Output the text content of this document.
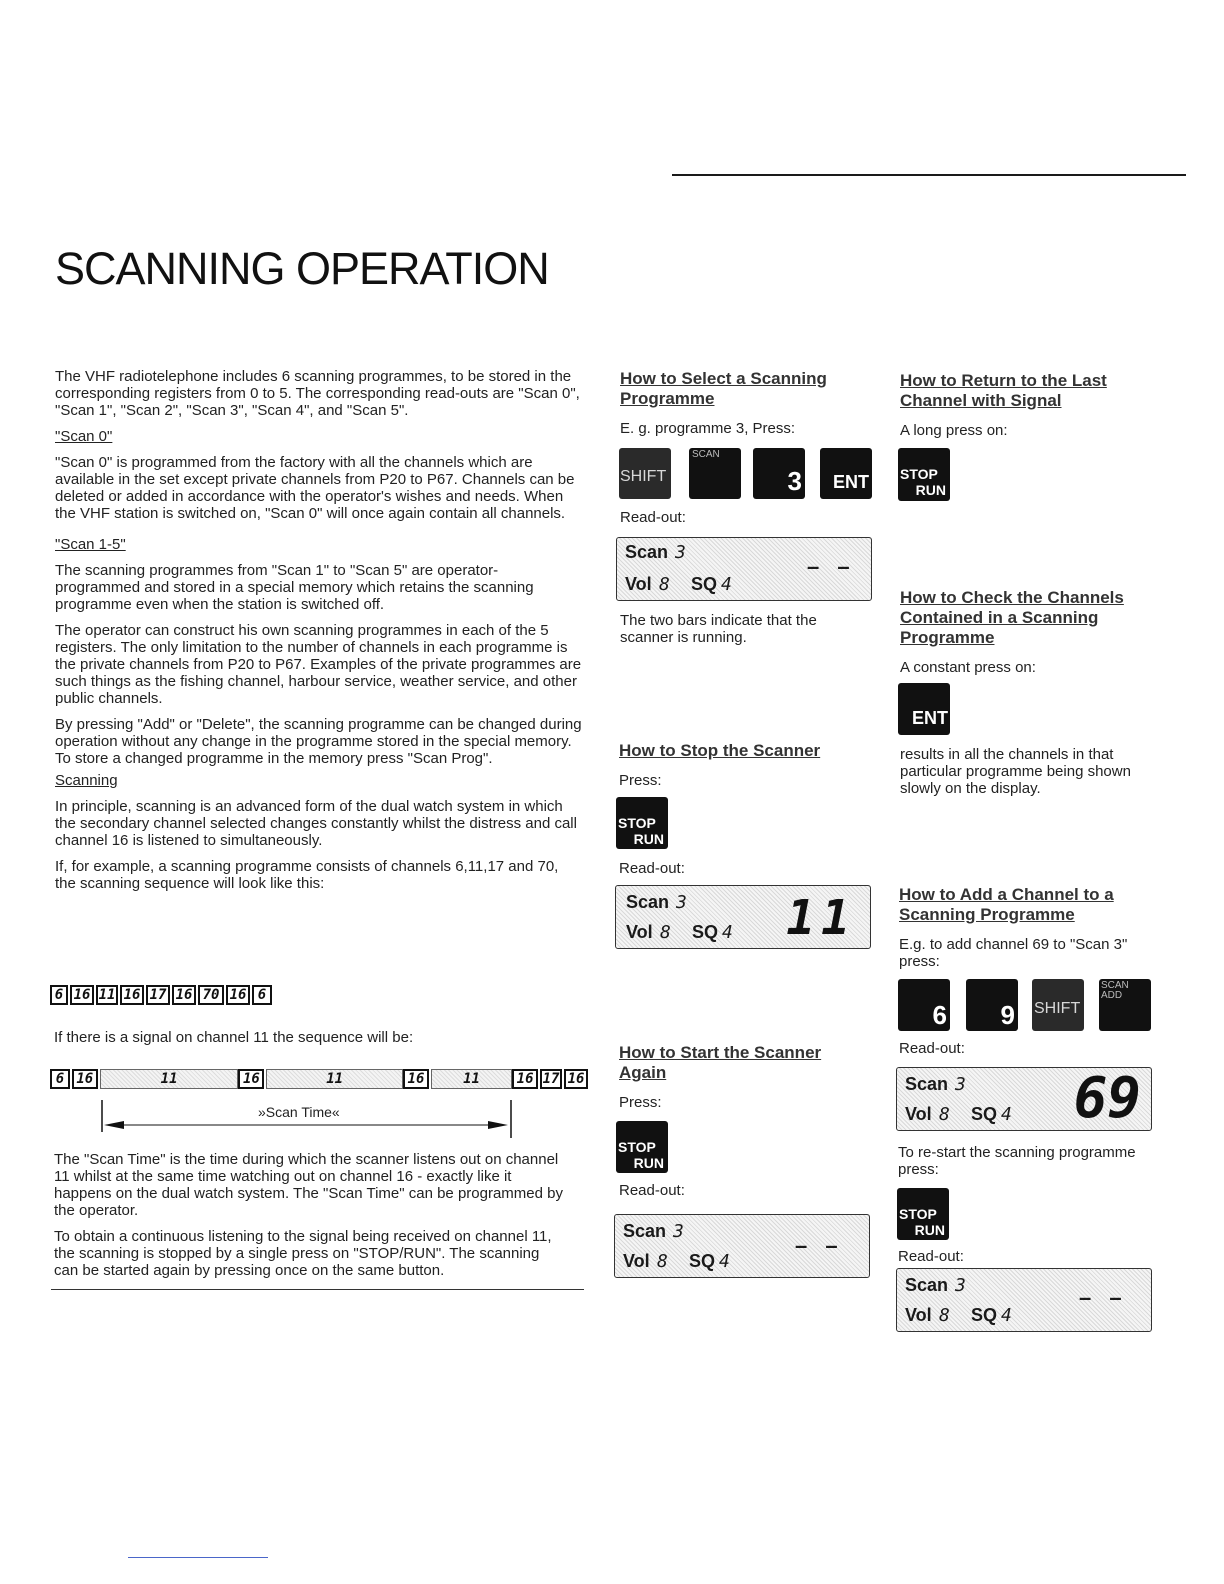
SCANNING OPERATION

The VHF radiotelephone includes 6 scanning programmes, to be stored in the corresponding registers from 0 to 5. The corresponding read-outs are "Scan 0", "Scan 1", "Scan 2", "Scan 3", "Scan 4", and "Scan 5".

"Scan 0"

"Scan 0" is programmed from the factory with all the channels which are available in the set except private channels from P20 to P67. Channels can be deleted or added in accordance with the operator's wishes and needs. When the VHF station is switched on, "Scan 0" will once again contain all channels.

"Scan 1-5"

The scanning programmes from "Scan 1" to "Scan 5" are operator-programmed and stored in a special memory which retains the scanning programme even when the station is switched off.

The operator can construct his own scanning programmes in each of the 5 registers. The only limitation to the number of channels in each programme is the private channels from P20 to P67. Examples of the private programmes are such things as the fishing channel, harbour service, weather service, and other public channels.

By pressing "Add" or "Delete", the scanning programme can be changed during operation without any change in the programme stored in the special memory. To store a changed programme in the memory press "Scan Prog".

Scanning

In principle, scanning is an advanced form of the dual watch system in which the secondary channel selected changes constantly whilst the distress and call channel 16 is listened to simultaneously.

If, for example, a scanning programme consists of channels 6,11,17 and 70, the scanning sequence will look like this:

6 16 11 16 17 16 70 16 6
If there is a signal on channel 11 the sequence will be:
6 16	11	16	11	16	11	16 17 16
»Scan Time«

The "Scan Time" is the time during which the scanner listens out on channel 11 whilst at the same time watching out on channel 16 - exactly like it happens on the dual watch system. The "Scan Time" can be programmed by the operator.

To obtain a continuous listening to the signal being received on channel 11, the scanning is stopped by a single press on "STOP/RUN". The scanning can be started again by pressing once on the same button.

How to Select a Scanning Programme
E. g. programme 3, Press:
SHIFT
SCAN
3 ENT
Read-out:
Scan 3
Vol 8 SQ 4
– –
The two bars indicate that the scanner is running.
How to Stop the Scanner
Press:
STOP
RUN
Read-out:
Scan 3
Vol 8 SQ 4 11
How to Start the Scanner Again
Press:
STOP
RUN
Read-out:
Scan 3
Vol 8 SQ 4
– –
How to Return to the Last Channel with Signal
A long press on:
STOP
RUN
How to Check the Channels Contained in a Scanning Programme
A constant press on:
ENT
results in all the channels in that particular programme being shown slowly on the display.
How to Add a Channel to a Scanning Programme
E.g. to add channel 69 to "Scan 3" press:
6 9 SHIFT
SCAN
ADD
Read-out:
Scan 3
Vol 8 SQ 4 69
To re-start the scanning programme press:
STOP
RUN
Read-out:
Scan 3
Vol 8 SQ 4
– –
